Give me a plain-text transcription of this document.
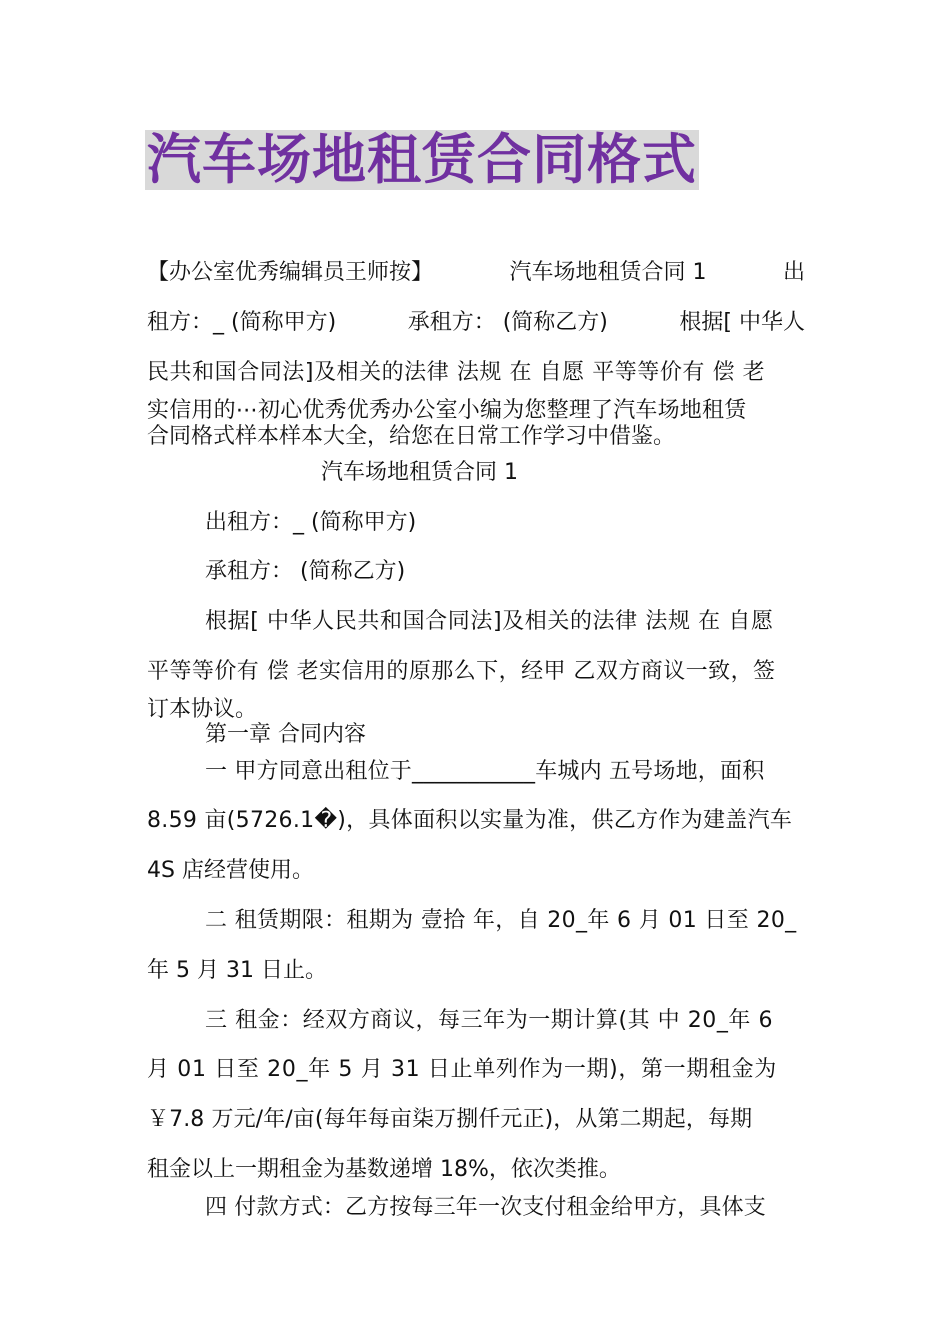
汽车场地租赁合同格式
【办公室优秀编辑员王师按】	汽车场地租赁合同 1	出
租方：_ (简称甲方)	承租方： (简称乙方)	根据[ 中华人
民共和国合同法]及相关的法律 法规 在 自愿 平等等价有 偿 老
实信用的⋯初心优秀优秀办公室小编为您整理了汽车场地租赁
合同格式样本样本大全，给您在日常工作学习中借鉴。
汽车场地租赁合同 1
出租方：_ (简称甲方)
承租方： (简称乙方)
根据[ 中华人民共和国合同法]及相关的法律 法规 在 自愿
平等等价有 偿 老实信用的原那么下，经甲 乙双方商议一致，签
订本协议。
第一章 合同内容
一 甲方同意出租位于___________车城内 五号场地，面积
8.59 亩(5726.1�)，具体面积以实量为准，供乙方作为建盖汽车
4S 店经营使用。
二 租赁期限：租期为 壹拾 年，自 20_年 6 月 01 日至 20_
年 5 月 31 日止。
三 租金：经双方商议，每三年为一期计算(其 中 20_年 6
月 01 日至 20_年 5 月 31 日止单列作为一期)，第一期租金为
￥7.8 万元/年/亩(每年每亩柒万捌仟元正)，从第二期起，每期
租金以上一期租金为基数递增 18%，依次类推。
四 付款方式：乙方按每三年一次支付租金给甲方，具体支
